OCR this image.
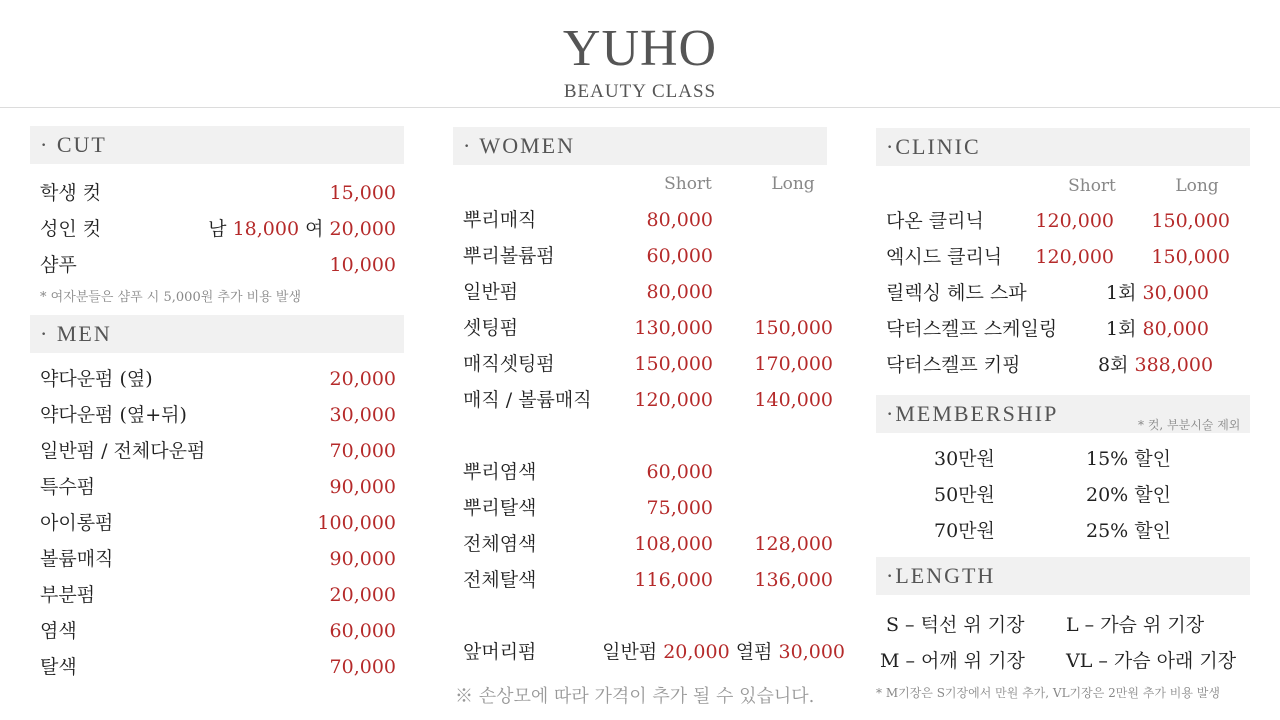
YUHO
BEAUTY CLASS
· CUT
학생 컷	15,000
성인 컷	남 18,000 여 20,000
샴푸	10,000
* 여자분들은 샴푸 시 5,000원 추가 비용 발생
· MEN
약다운펌 (옆)	20,000
약다운펌 (옆+뒤)	30,000
일반펌 / 전체다운펌	70,000
특수펌	90,000
아이롱펌	100,000
볼륨매직	90,000
부분펌	20,000
염색	60,000
탈색	70,000
· WOMEN
Short	Long
뿌리매직	80,000
뿌리볼륨펌	60,000
일반펌	80,000
셋팅펌	130,000 150,000
매직셋팅펌	150,000 170,000
매직 / 볼륨매직 120,000 140,000
뿌리염색	60,000
뿌리탈색	75,000
전체염색	108,000 128,000
전체탈색	116,000 136,000
앞머리펌	일반펌 20,000 열펌 30,000
※ 손상모에 따라 가격이 추가 될 수 있습니다.
·CLINIC
Short	Long
다온 클리닉	120,000 150,000
엑시드 클리닉 120,000 150,000
릴렉싱 헤드 스파	1회 30,000
닥터스켈프 스케일링	1회 80,000
닥터스켈프 키핑	8회 388,000
·MEMBERSHIP	* 컷, 부분시술 제외
30만원	15% 할인
50만원	20% 할인
70만원	25% 할인
·LENGTH
S – 턱선 위 기장	L – 가슴 위 기장
M – 어깨 위 기장	VL – 가슴 아래 기장
* M기장은 S기장에서 만원 추가, VL기장은 2만원 추가 비용 발생
